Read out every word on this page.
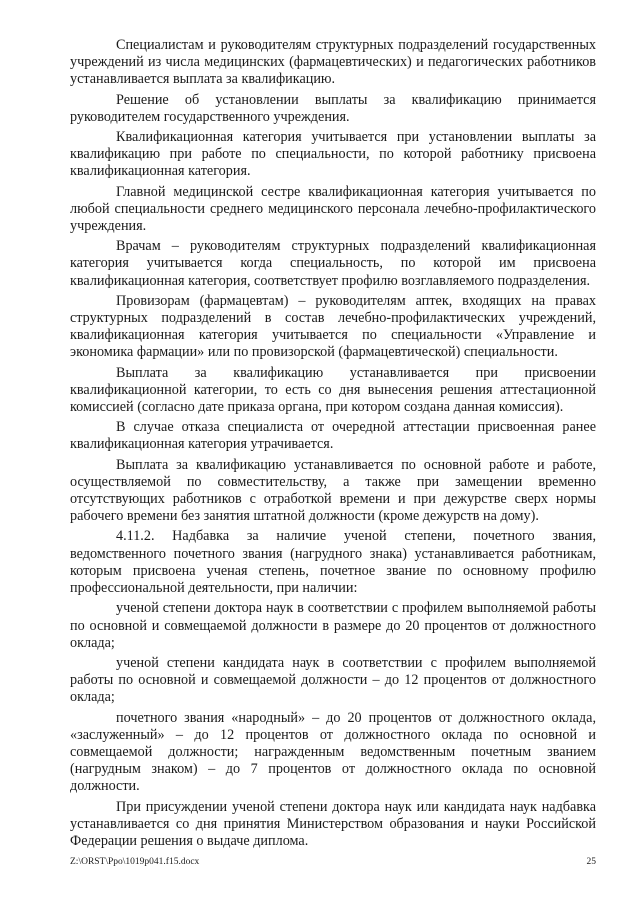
Специалистам и руководителям структурных подразделений государственных учреждений из числа медицинских (фармацевтических) и педагогических работников устанавливается выплата за квалификацию.

Решение об установлении выплаты за квалификацию принимается руководителем государственного учреждения.

Квалификационная категория учитывается при установлении выплаты за квалификацию при работе по специальности, по которой работнику присвоена квалификационная категория.

Главной медицинской сестре квалификационная категория учитывается по любой специальности среднего медицинского персонала лечебно-профилактического учреждения.

Врачам – руководителям структурных подразделений квалификационная категория учитывается когда специальность, по которой им присвоена квалификационная категория, соответствует профилю возглавляемого подразделения.

Провизорам (фармацевтам) – руководителям аптек, входящих на правах структурных подразделений в состав лечебно-профилактических учреждений, квалификационная категория учитывается по специальности «Управление и экономика фармации» или по провизорской (фармацевтической) специальности.

Выплата за квалификацию устанавливается при присвоении квалификационной категории, то есть со дня вынесения решения аттестационной комиссией (согласно дате приказа органа, при котором создана данная комиссия).

В случае отказа специалиста от очередной аттестации присвоенная ранее квалификационная категория утрачивается.

Выплата за квалификацию устанавливается по основной работе и работе, осуществляемой по совместительству, а также при замещении временно отсутствующих работников с отработкой времени и при дежурстве сверх нормы рабочего времени без занятия штатной должности (кроме дежурств на дому).

4.11.2. Надбавка за наличие ученой степени, почетного звания, ведомственного почетного звания (нагрудного знака) устанавливается работникам, которым присвоена ученая степень, почетное звание по основному профилю профессиональной деятельности, при наличии:

ученой степени доктора наук в соответствии с профилем выполняемой работы по основной и совмещаемой должности в размере до 20 процентов от должностного оклада;

ученой степени кандидата наук в соответствии с профилем выполняемой работы по основной и совмещаемой должности – до 12 процентов от должностного оклада;

почетного звания «народный» – до 20 процентов от должностного оклада, «заслуженный» – до 12 процентов от должностного оклада по основной и совмещаемой должности; награжденным ведомственным почетным званием (нагрудным знаком) – до 7 процентов от должностного оклада по основной должности.

При присуждении ученой степени доктора наук или кандидата наук надбавка устанавливается со дня принятия Министерством образования и науки Российской Федерации решения о выдаче диплома.

Z:\ORST\Ppo\1019p041.f15.docx	25
